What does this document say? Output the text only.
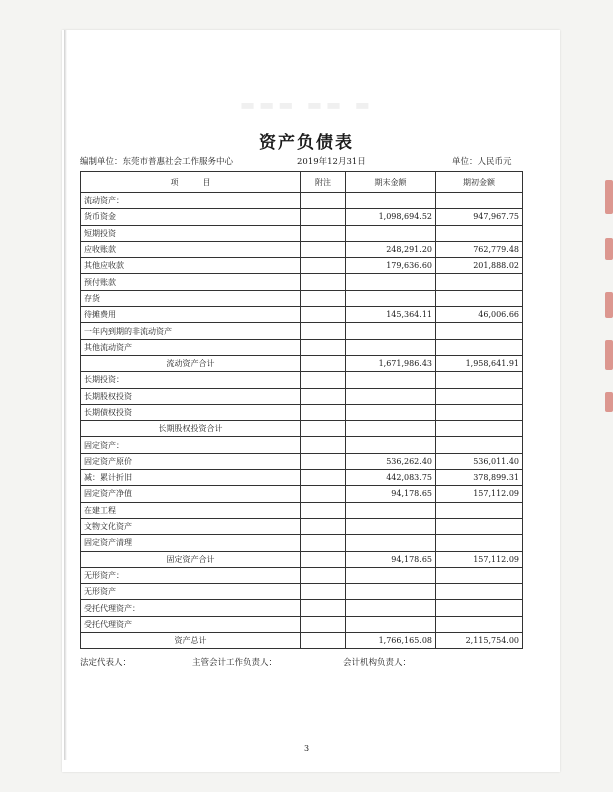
▬▬▬ ▬▬ ▬
资产负债表
编制单位：东莞市普惠社会工作服务中心	2019年12月31日	单位：人民币元
项　　　目	附注	期末金额	期初金额
流动资产：			
货币资金		1,098,694.52	947,967.75
短期投资			
应收账款		248,291.20	762,779.48
其他应收款		179,636.60	201,888.02
预付账款			
存货			
待摊费用		145,364.11	46,006.66
一年内到期的非流动资产			
其他流动资产			
流动资产合计		1,671,986.43	1,958,641.91
长期投资：			
长期股权投资			
长期债权投资			
长期股权投资合计			
固定资产：			
固定资产原价		536,262.40	536,011.40
减：累计折旧		442,083.75	378,899.31
固定资产净值		94,178.65	157,112.09
在建工程			
文物文化资产			
固定资产清理			
固定资产合计		94,178.65	157,112.09
无形资产：			
无形资产			
受托代理资产：			
受托代理资产			
资产总计		1,766,165.08	2,115,754.00
法定代表人：	主管会计工作负责人：	会计机构负责人：
3
